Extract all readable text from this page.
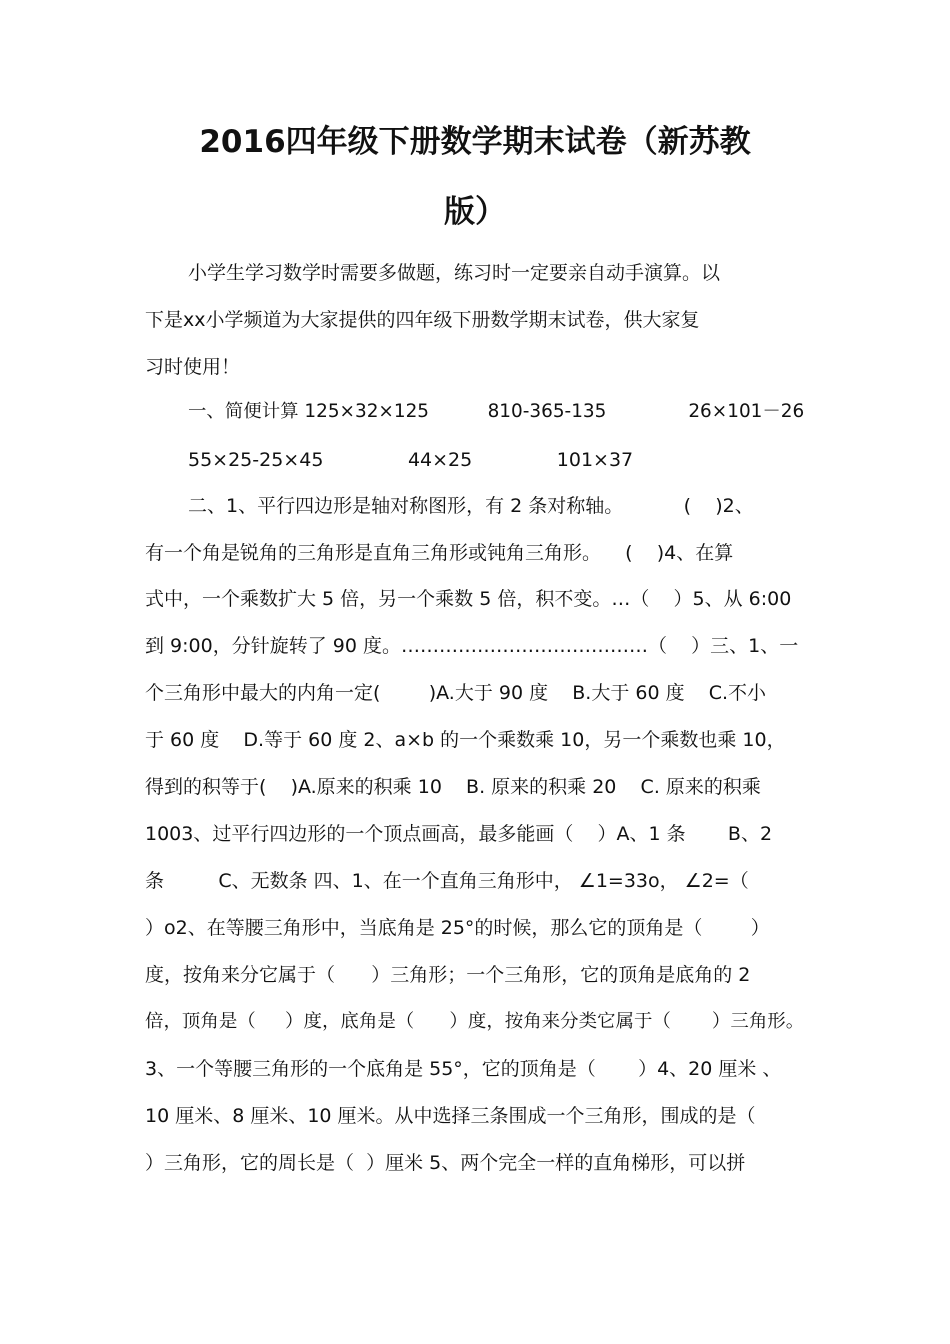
2016四年级下册数学期末试卷（新苏教
版）
小学生学习数学时需要多做题，练习时一定要亲自动手演算。以
下是xx小学频道为大家提供的四年级下册数学期末试卷，供大家复
习时使用！
一、简便计算 125×32×125          810-365-135              26×101－26
55×25-25×45              44×25              101×37
二、1、平行四边形是轴对称图形，有 2 条对称轴。          (    )2、
有一个角是锐角的三角形是直角三角形或钝角三角形。    (    )4、在算
式中，一个乘数扩大 5 倍，另一个乘数 5 倍，积不变。…（    ）5、从 6:00
到 9:00，分针旋转了 90 度。…………………………………（    ）三、1、一
个三角形中最大的内角一定(        )A.大于 90 度    B.大于 60 度    C.不小
于 60 度    D.等于 60 度 2、a×b 的一个乘数乘 10，另一个乘数也乘 10，
得到的积等于(    )A.原来的积乘 10    B. 原来的积乘 20    C. 原来的积乘
1003、过平行四边形的一个顶点画高，最多能画（    ）A、1 条       B、2
条         C、无数条 四、1、在一个直角三角形中， ∠1=33o， ∠2=（
）o2、在等腰三角形中，当底角是 25°的时候，那么它的顶角是（        ）
度，按角来分它属于（      ）三角形；一个三角形，它的顶角是底角的 2
倍，顶角是（     ）度，底角是（      ）度，按角来分类它属于（       ）三角形。
3、一个等腰三角形的一个底角是 55°，它的顶角是（       ）4、20 厘米 、
10 厘米、8 厘米、10 厘米。从中选择三条围成一个三角形，围成的是（
）三角形，它的周长是（  ）厘米 5、两个完全一样的直角梯形，可以拼
